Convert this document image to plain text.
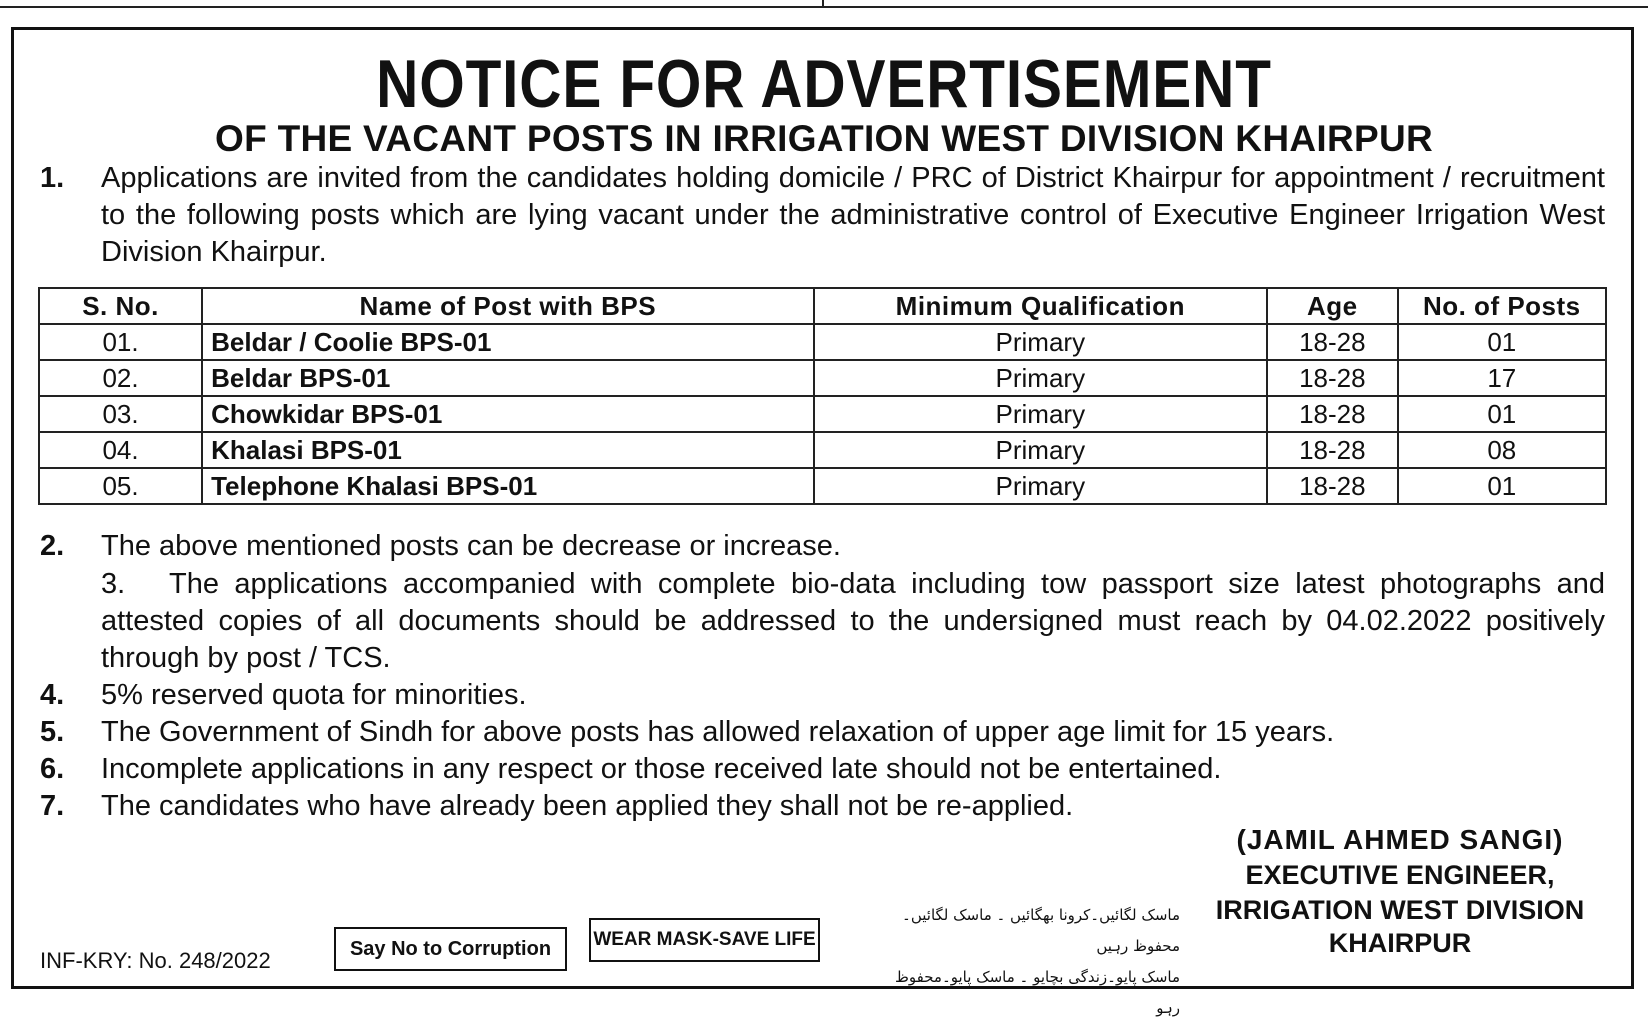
NOTICE FOR ADVERTISEMENT
OF THE VACANT POSTS IN IRRIGATION WEST DIVISION KHAIRPUR
1. Applications are invited from the candidates holding domicile / PRC of District Khairpur for appointment / recruitment to the following posts which are lying vacant under the administrative control of Executive Engineer Irrigation West Division Khairpur.
S. No.	Name of Post with BPS	Minimum Qualification	Age	No. of Posts
01.	Beldar / Coolie BPS-01	Primary	18-28	01
02.	Beldar BPS-01	Primary	18-28	17
03.	Chowkidar BPS-01	Primary	18-28	01
04.	Khalasi BPS-01	Primary	18-28	08
05.	Telephone Khalasi BPS-01	Primary	18-28	01
2. The above mentioned posts can be decrease or increase.
3. The applications accompanied with complete bio-data including tow passport size latest photographs and attested copies of all documents should be addressed to the undersigned must reach by 04.02.2022 positively through by post / TCS.
4. 5% reserved quota for minorities.
5. The Government of Sindh for above posts has allowed relaxation of upper age limit for 15 years.
6. Incomplete applications in any respect or those received late should not be entertained.
7. The candidates who have already been applied they shall not be re-applied.
(JAMIL AHMED SANGI)
EXECUTIVE ENGINEER,
IRRIGATION WEST DIVISION
KHAIRPUR
INF-KRY: No. 248/2022	Say No to Corruption	WEAR MASK-SAVE LIFE
ماسک لگائیں۔کرونا بھگائیں ۔ ماسک لگائیں۔محفوظ رہیں
ماسک پایو۔زندگی بچایو ۔ ماسک پایو۔محفوظ رہو
